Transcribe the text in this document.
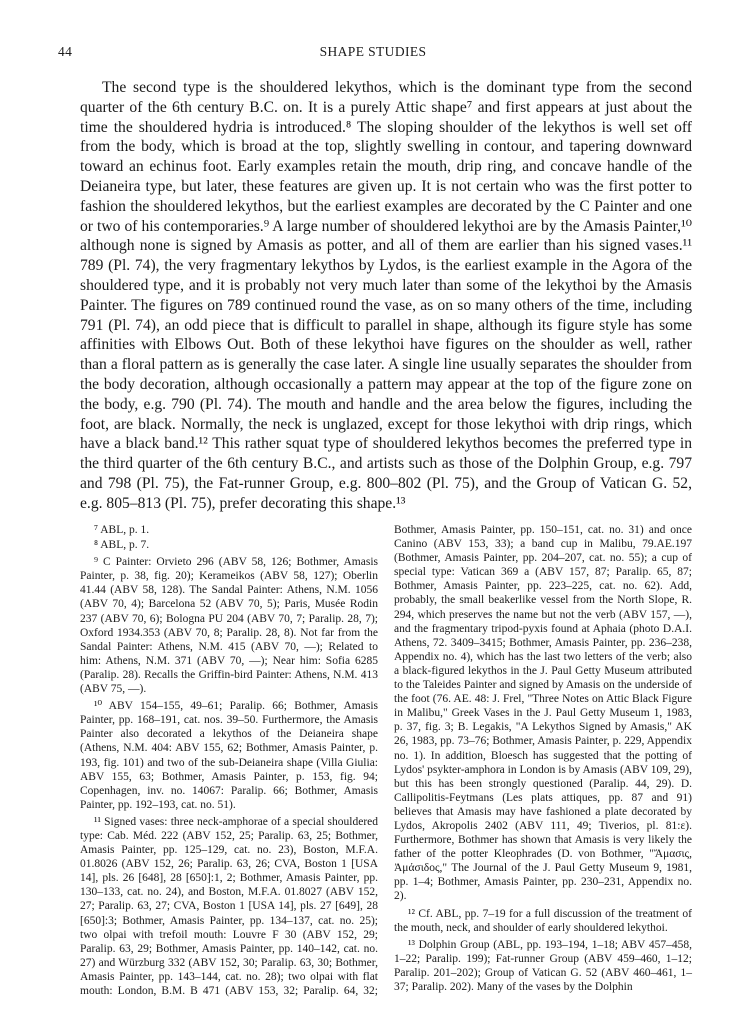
44	SHAPE STUDIES

The second type is the shouldered lekythos, which is the dominant type from the second quarter of the 6th century B.C. on. It is a purely Attic shape⁷ and first appears at just about the time the shouldered hydria is introduced.⁸ The sloping shoulder of the lekythos is well set off from the body, which is broad at the top, slightly swelling in contour, and tapering downward toward an echinus foot. Early examples retain the mouth, drip ring, and concave handle of the Deianeira type, but later, these features are given up. It is not certain who was the first potter to fashion the shouldered lekythos, but the earliest examples are decorated by the C Painter and one or two of his contemporaries.⁹ A large number of shouldered lekythoi are by the Amasis Painter,¹⁰ although none is signed by Amasis as potter, and all of them are earlier than his signed vases.¹¹ 789 (Pl. 74), the very fragmentary lekythos by Lydos, is the earliest example in the Agora of the shouldered type, and it is probably not very much later than some of the lekythoi by the Amasis Painter. The figures on 789 continued round the vase, as on so many others of the time, including 791 (Pl. 74), an odd piece that is difficult to parallel in shape, although its figure style has some affinities with Elbows Out. Both of these lekythoi have figures on the shoulder as well, rather than a floral pattern as is generally the case later. A single line usually separates the shoulder from the body decoration, although occasionally a pattern may appear at the top of the figure zone on the body, e.g. 790 (Pl. 74). The mouth and handle and the area below the figures, including the foot, are black. Normally, the neck is unglazed, except for those lekythoi with drip rings, which have a black band.¹² This rather squat type of shouldered lekythos becomes the preferred type in the third quarter of the 6th century B.C., and artists such as those of the Dolphin Group, e.g. 797 and 798 (Pl. 75), the Fat-runner Group, e.g. 800–802 (Pl. 75), and the Group of Vatican G. 52, e.g. 805–813 (Pl. 75), prefer decorating this shape.¹³

⁷ ABL, p. 1.

⁸ ABL, p. 7.

⁹ C Painter: Orvieto 296 (ABV 58, 126; Bothmer, Amasis Painter, p. 38, fig. 20); Kerameikos (ABV 58, 127); Oberlin 41.44 (ABV 58, 128). The Sandal Painter: Athens, N.M. 1056 (ABV 70, 4); Barcelona 52 (ABV 70, 5); Paris, Musée Rodin 237 (ABV 70, 6); Bologna PU 204 (ABV 70, 7; Paralip. 28, 7); Oxford 1934.353 (ABV 70, 8; Paralip. 28, 8). Not far from the Sandal Painter: Athens, N.M. 415 (ABV 70, —); Related to him: Athens, N.M. 371 (ABV 70, —); Near him: Sofia 6285 (Paralip. 28). Recalls the Griffin-bird Painter: Athens, N.M. 413 (ABV 75, —).

¹⁰ ABV 154–155, 49–61; Paralip. 66; Bothmer, Amasis Painter, pp. 168–191, cat. nos. 39–50. Furthermore, the Amasis Painter also decorated a lekythos of the Deianeira shape (Athens, N.M. 404: ABV 155, 62; Bothmer, Amasis Painter, p. 193, fig. 101) and two of the sub-Deianeira shape (Villa Giulia: ABV 155, 63; Bothmer, Amasis Painter, p. 153, fig. 94; Copenhagen, inv. no. 14067: Paralip. 66; Bothmer, Amasis Painter, pp. 192–193, cat. no. 51).

¹¹ Signed vases: three neck-amphorae of a special shouldered type: Cab. Méd. 222 (ABV 152, 25; Paralip. 63, 25; Bothmer, Amasis Painter, pp. 125–129, cat. no. 23), Boston, M.F.A. 01.8026 (ABV 152, 26; Paralip. 63, 26; CVA, Boston 1 [USA 14], pls. 26 [648], 28 [650]:1, 2; Bothmer, Amasis Painter, pp. 130–133, cat. no. 24), and Boston, M.F.A. 01.8027 (ABV 152, 27; Paralip. 63, 27; CVA, Boston 1 [USA 14], pls. 27 [649], 28 [650]:3; Bothmer, Amasis Painter, pp. 134–137, cat. no. 25); two olpai with trefoil mouth: Louvre F 30 (ABV 152, 29; Paralip. 63, 29; Bothmer, Amasis Painter, pp. 140–142, cat. no. 27) and Würzburg 332 (ABV 152, 30; Paralip. 63, 30; Bothmer, Amasis Painter, pp. 143–144, cat. no. 28); two olpai with flat mouth: London, B.M. B 471 (ABV 153, 32; Paralip. 64, 32; Bothmer, Amasis Painter, pp. 150–151, cat. no. 31) and once Canino (ABV 153, 33); a band cup in Malibu, 79.AE.197 (Bothmer, Amasis Painter, pp. 204–207, cat. no. 55); a cup of special type: Vatican 369 a (ABV 157, 87; Paralip. 65, 87; Bothmer, Amasis Painter, pp. 223–225, cat. no. 62). Add, probably, the small beakerlike vessel from the North Slope, R. 294, which preserves the name but not the verb (ABV 157, —), and the fragmentary tripod-pyxis found at Aphaia (photo D.A.I. Athens, 72. 3409–3415; Bothmer, Amasis Painter, pp. 236–238, Appendix no. 4), which has the last two letters of the verb; also a black-figured lekythos in the J. Paul Getty Museum attributed to the Taleides Painter and signed by Amasis on the underside of the foot (76. AE. 48: J. Frel, "Three Notes on Attic Black Figure in Malibu," Greek Vases in the J. Paul Getty Museum 1, 1983, p. 37, fig. 3; B. Legakis, "A Lekythos Signed by Amasis," AK 26, 1983, pp. 73–76; Bothmer, Amasis Painter, p. 229, Appendix no. 1). In addition, Bloesch has suggested that the potting of Lydos' psykter-amphora in London is by Amasis (ABV 109, 29), but this has been strongly questioned (Paralip. 44, 29). D. Callipolitis-Feytmans (Les plats attiques, pp. 87 and 91) believes that Amasis may have fashioned a plate decorated by Lydos, Akropolis 2402 (ABV 111, 49; Tiverios, pl. 81:ε). Furthermore, Bothmer has shown that Amasis is very likely the father of the potter Kleophrades (D. von Bothmer, "Ἄμασις, Ἀμάσιδος," The Journal of the J. Paul Getty Museum 9, 1981, pp. 1–4; Bothmer, Amasis Painter, pp. 230–231, Appendix no. 2).

¹² Cf. ABL, pp. 7–19 for a full discussion of the treatment of the mouth, neck, and shoulder of early shouldered lekythoi.

¹³ Dolphin Group (ABL, pp. 193–194, 1–18; ABV 457–458, 1–22; Paralip. 199); Fat-runner Group (ABV 459–460, 1–12; Paralip. 201–202); Group of Vatican G. 52 (ABV 460–461, 1–37; Paralip. 202). Many of the vases by the Dolphin
